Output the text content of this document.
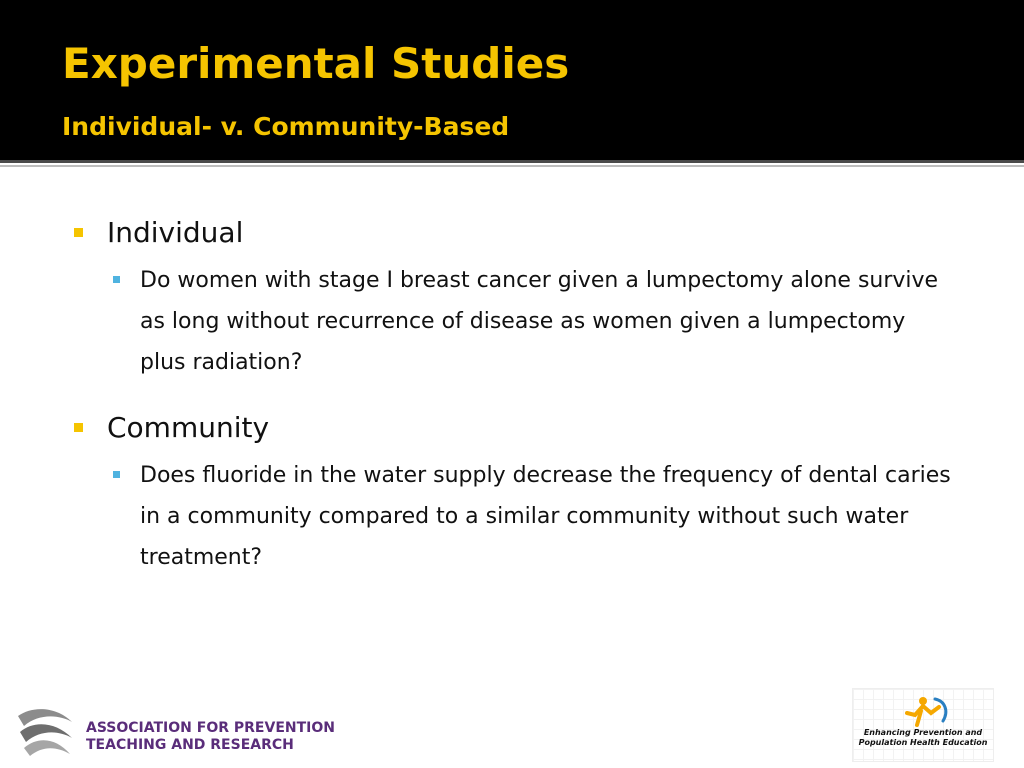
Experimental Studies
Individual- v. Community-Based
Individual
Do women with stage I breast cancer given a lumpectomy alone survive as long without recurrence of disease as women given a lumpectomy plus radiation?
Community
Does fluoride in the water supply decrease the frequency of dental caries in a community compared to a similar community without such water treatment?
ASSOCIATION FOR PREVENTION
TEACHING AND RESEARCH
Enhancing Prevention and
Population Health Education
